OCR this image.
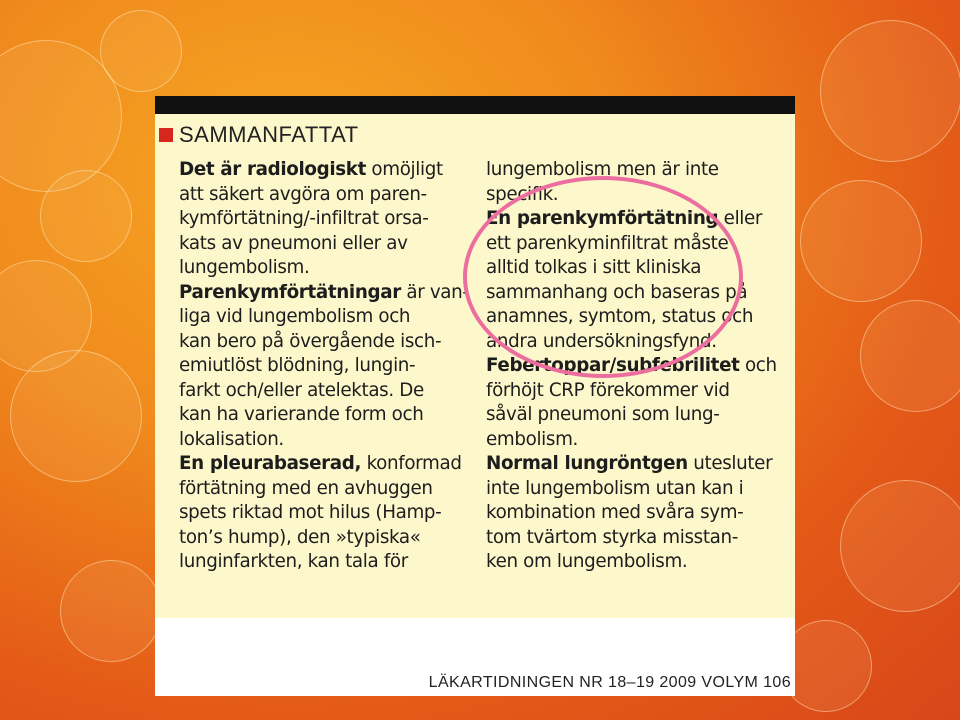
SAMMANFATTAT
Det är radiologiskt omöjligt
att säkert avgöra om paren-
kymförtätning/-infiltrat orsa-
kats av pneumoni eller av
lungembolism.
Parenkymförtätningar är van-
liga vid lungembolism och
kan bero på övergående isch-
emiutlöst blödning, lungin-
farkt och/eller atelektas. De
kan ha varierande form och
lokalisation.
En pleurabaserad, konformad
förtätning med en avhuggen
spets riktad mot hilus (Hamp-
ton’s hump), den »typiska«
lunginfarkten, kan tala för
lungembolism men är inte
specifik.
En parenkymförtätning eller
ett parenkyminfiltrat måste
alltid tolkas i sitt kliniska
sammanhang och baseras på
anamnes, symtom, status och
andra undersökningsfynd.
Febertoppar/subfebrilitet och
förhöjt CRP förekommer vid
såväl pneumoni som lung-
embolism.
Normal lungröntgen utesluter
inte lungembolism utan kan i
kombination med svåra sym-
tom tvärtom styrka misstan-
ken om lungembolism.
LÄKARTIDNINGEN NR 18–19 2009 VOLYM 106
